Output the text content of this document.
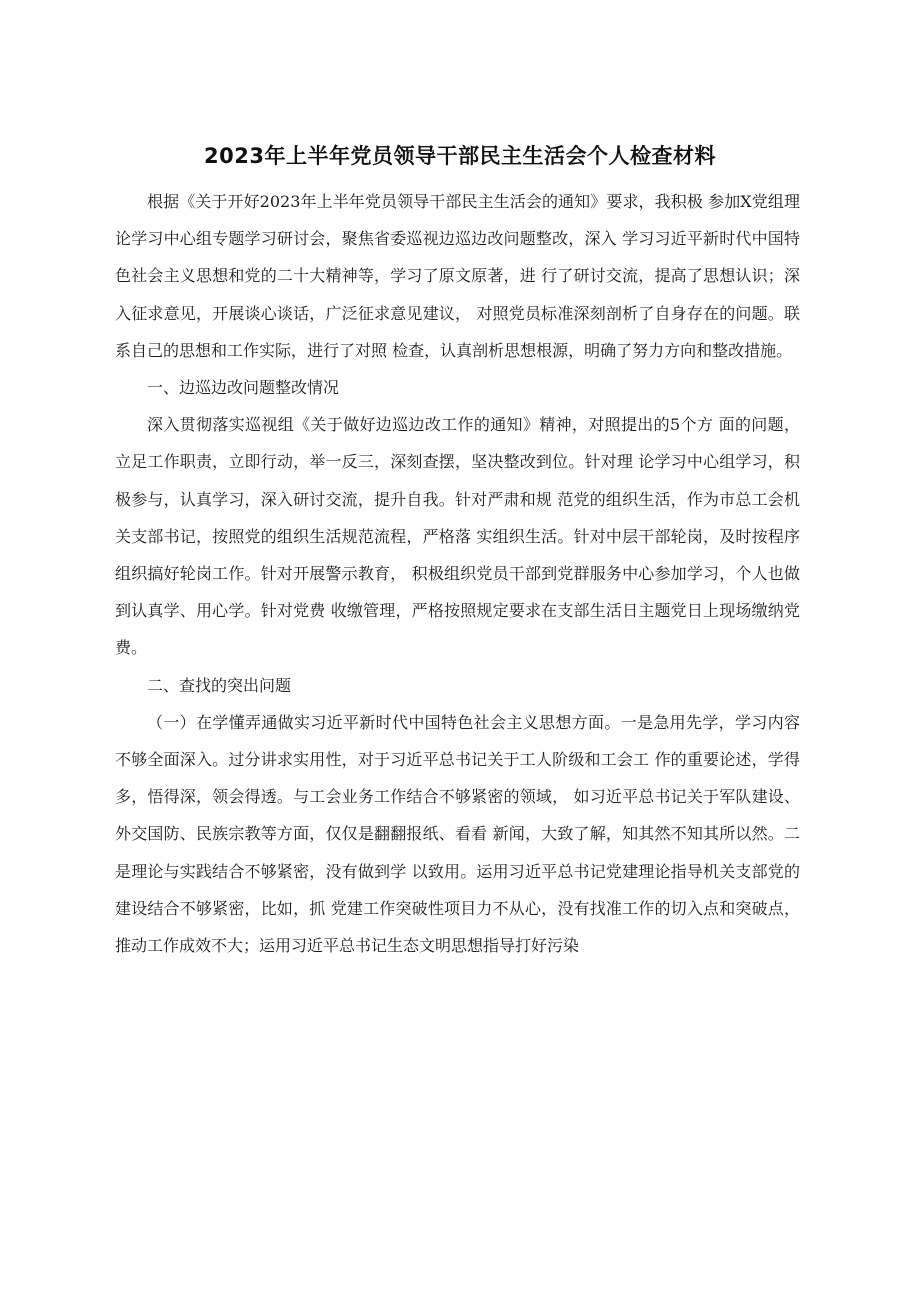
2023年上半年党员领导干部民主生活会个人检查材料

根据《关于开好2023年上半年党员领导干部民主生活会的通知》要求，我积极 参加X党组理论学习中心组专题学习研讨会，聚焦省委巡视边巡边改问题整改，深入 学习习近平新时代中国特色社会主义思想和党的二十大精神等，学习了原文原著，进 行了研讨交流，提高了思想认识；深入征求意见，开展谈心谈话，广泛征求意见建议， 对照党员标准深刻剖析了自身存在的问题。联系自己的思想和工作实际，进行了对照 检查，认真剖析思想根源，明确了努力方向和整改措施。

一、边巡边改问题整改情况

深入贯彻落实巡视组《关于做好边巡边改工作的通知》精神，对照提出的5个方 面的问题，立足工作职责，立即行动，举一反三，深刻查摆，坚决整改到位。针对理 论学习中心组学习，积极参与，认真学习，深入研讨交流，提升自我。针对严肃和规 范党的组织生活，作为市总工会机关支部书记，按照党的组织生活规范流程，严格落 实组织生活。针对中层干部轮岗，及时按程序组织搞好轮岗工作。针对开展警示教育， 积极组织党员干部到党群服务中心参加学习，个人也做到认真学、用心学。针对党费 收缴管理，严格按照规定要求在支部生活日主题党日上现场缴纳党费。

二、查找的突出问题

（一）在学懂弄通做实习近平新时代中国特色社会主义思想方面。一是急用先学，学习内容不够全面深入。过分讲求实用性，对于习近平总书记关于工人阶级和工会工 作的重要论述，学得多，悟得深，领会得透。与工会业务工作结合不够紧密的领域， 如习近平总书记关于军队建设、外交国防、民族宗教等方面，仅仅是翻翻报纸、看看 新闻，大致了解，知其然不知其所以然。二是理论与实践结合不够紧密，没有做到学 以致用。运用习近平总书记党建理论指导机关支部党的建设结合不够紧密，比如，抓 党建工作突破性项目力不从心，没有找准工作的切入点和突破点，推动工作成效不大；运用习近平总书记生态文明思想指导打好污染
